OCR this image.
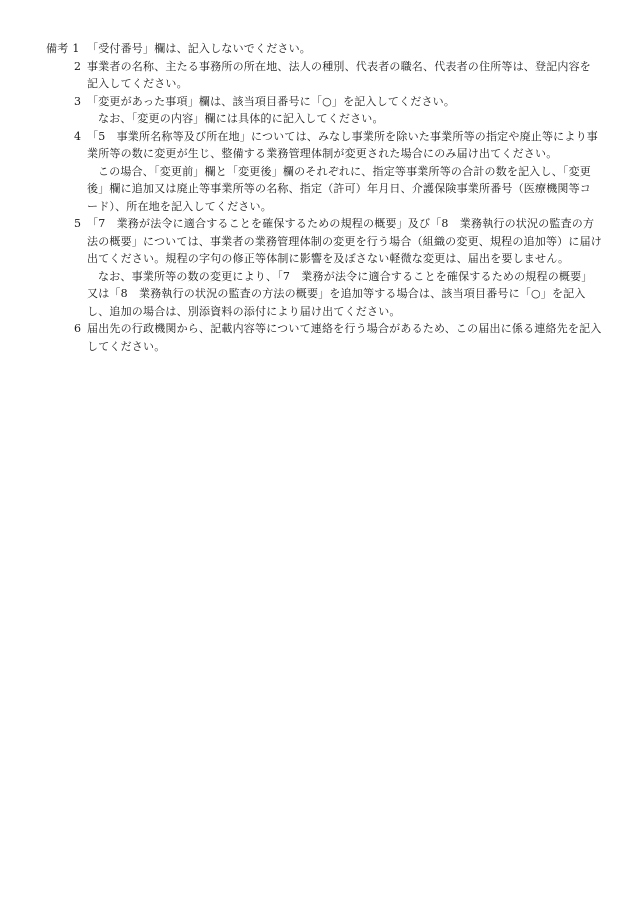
備考 1 「受付番号」欄は、記入しないでください。

2 事業者の名称、主たる事務所の所在地、法人の種別、代表者の職名、代表者の住所等は、登記内容を記入してください。

3 「変更があった事項」欄は、該当項目番号に「○」を記入してください。

なお、「変更の内容」欄には具体的に記入してください。

4 「5　事業所名称等及び所在地」については、みなし事業所を除いた事業所等の指定や廃止等により事業所等の数に変更が生じ、整備する業務管理体制が変更された場合にのみ届け出てください。

この場合、「変更前」欄と「変更後」欄のそれぞれに、指定等事業所等の合計の数を記入し、「変更後」欄に追加又は廃止等事業所等の名称、指定（許可）年月日、介護保険事業所番号（医療機関等コード）、所在地を記入してください。

5 「7　業務が法令に適合することを確保するための規程の概要」及び「8　業務執行の状況の監査の方法の概要」については、事業者の業務管理体制の変更を行う場合（組織の変更、規程の追加等）に届け出てください。規程の字句の修正等体制に影響を及ぼさない軽微な変更は、届出を要しません。

なお、事業所等の数の変更により、「7　業務が法令に適合することを確保するための規程の概要」又は「8　業務執行の状況の監査の方法の概要」を追加等する場合は、該当項目番号に「○」を記入し、追加の場合は、別添資料の添付により届け出てください。

6 届出先の行政機関から、記載内容等について連絡を行う場合があるため、この届出に係る連絡先を記入してください。
